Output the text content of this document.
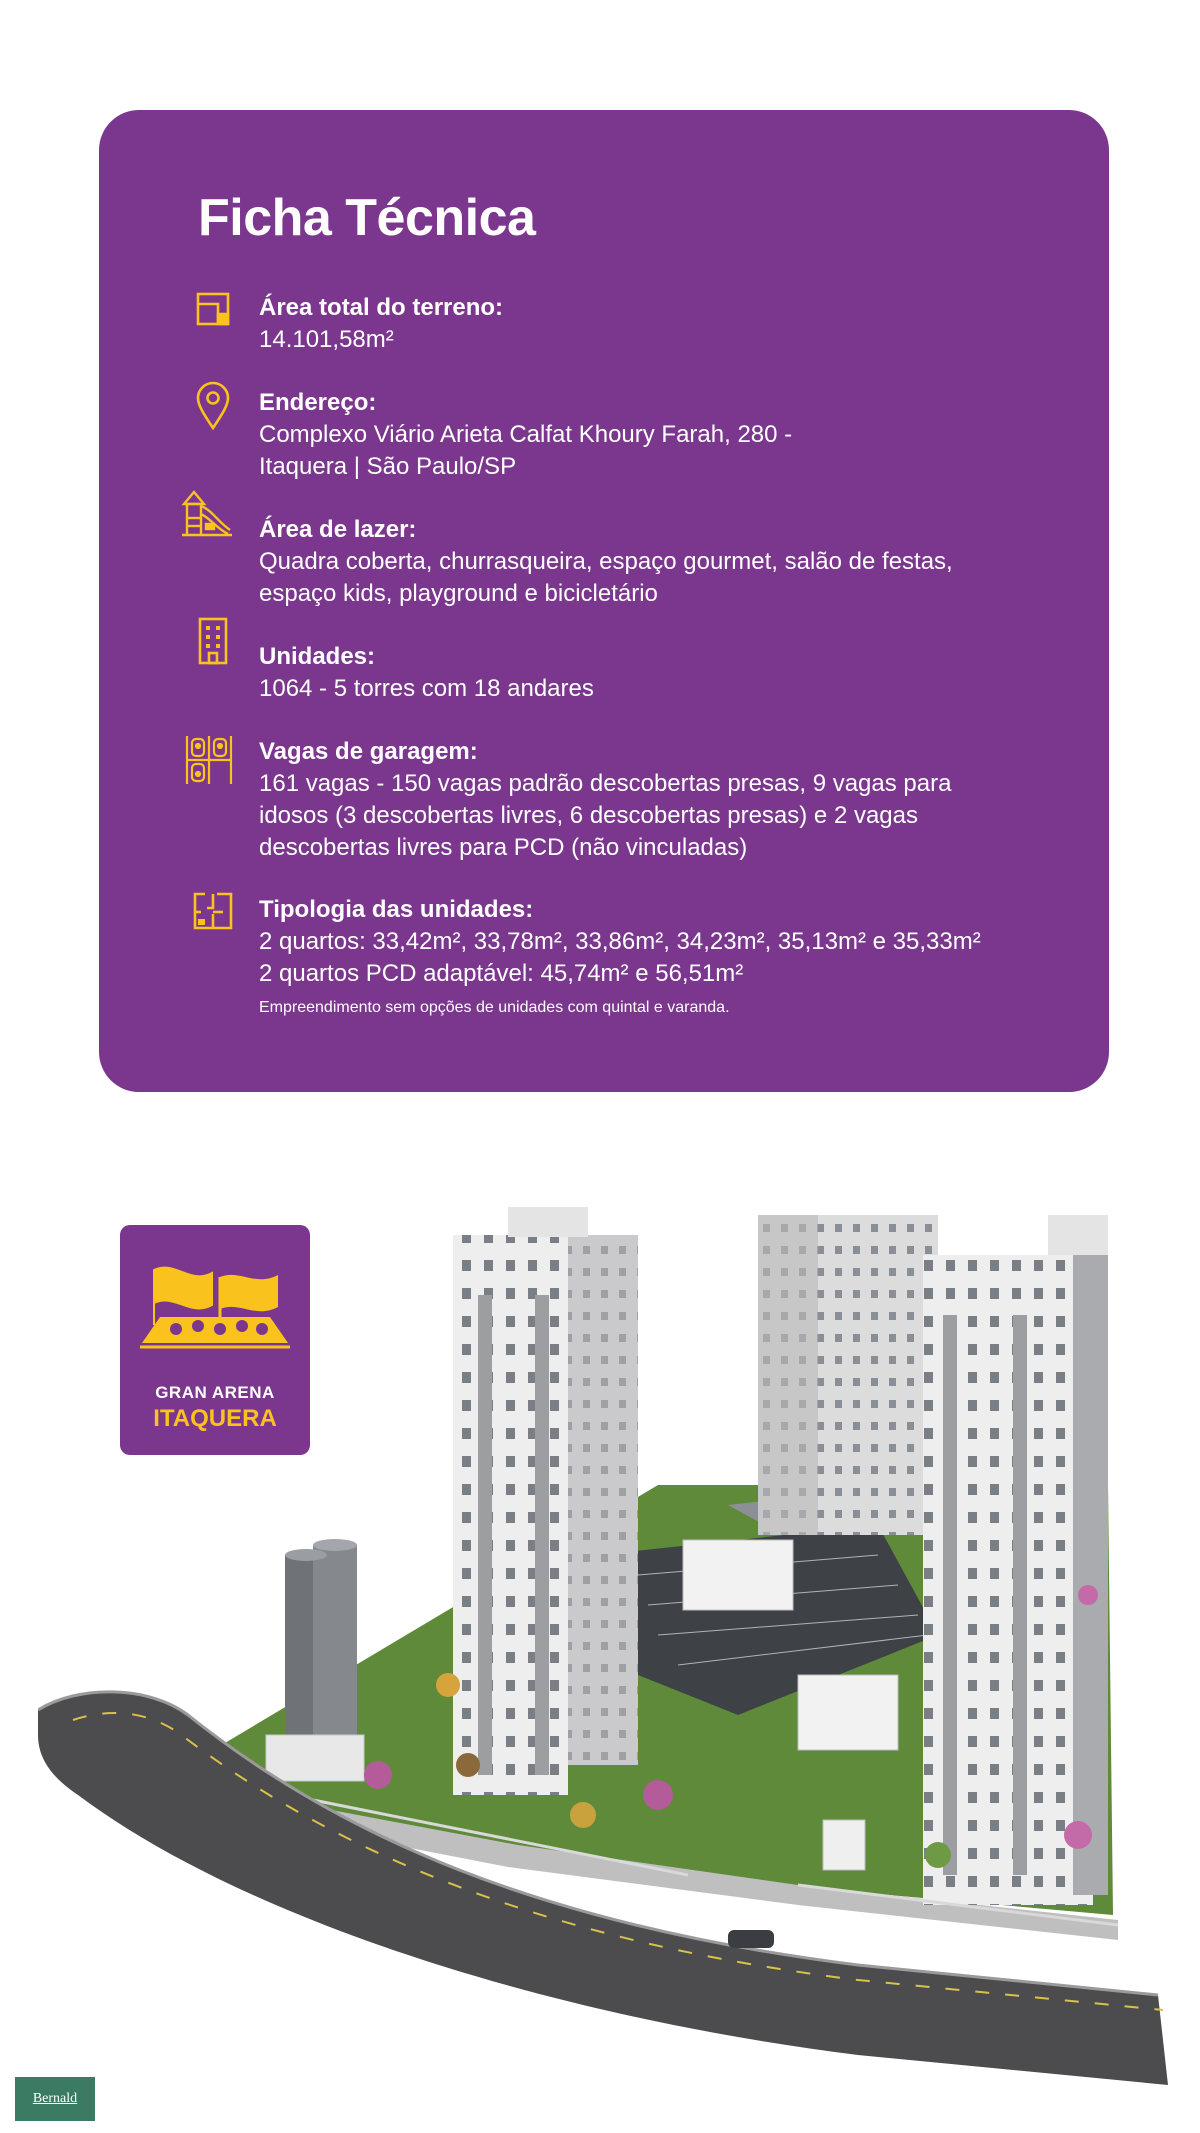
Ficha Técnica
Área total do terreno:
14.101,58m²
Endereço:
Complexo Viário Arieta Calfat Khoury Farah, 280 -
Itaquera | São Paulo/SP
Área de lazer:
Quadra coberta, churrasqueira, espaço gourmet, salão de festas,
espaço kids, playground e bicicletário
Unidades:
1064 - 5 torres com 18 andares
Vagas de garagem:
161 vagas - 150 vagas padrão descobertas presas, 9 vagas para
idosos (3 descobertas livres, 6 descobertas presas) e 2 vagas
descobertas livres para PCD (não vinculadas)
Tipologia das unidades:
2 quartos: 33,42m², 33,78m², 33,86m², 34,23m², 35,13m² e 35,33m²
2 quartos PCD adaptável: 45,74m² e 56,51m²
Empreendimento sem opções de unidades com quintal e varanda.
GRAN ARENA
ITAQUERA
Bernald
